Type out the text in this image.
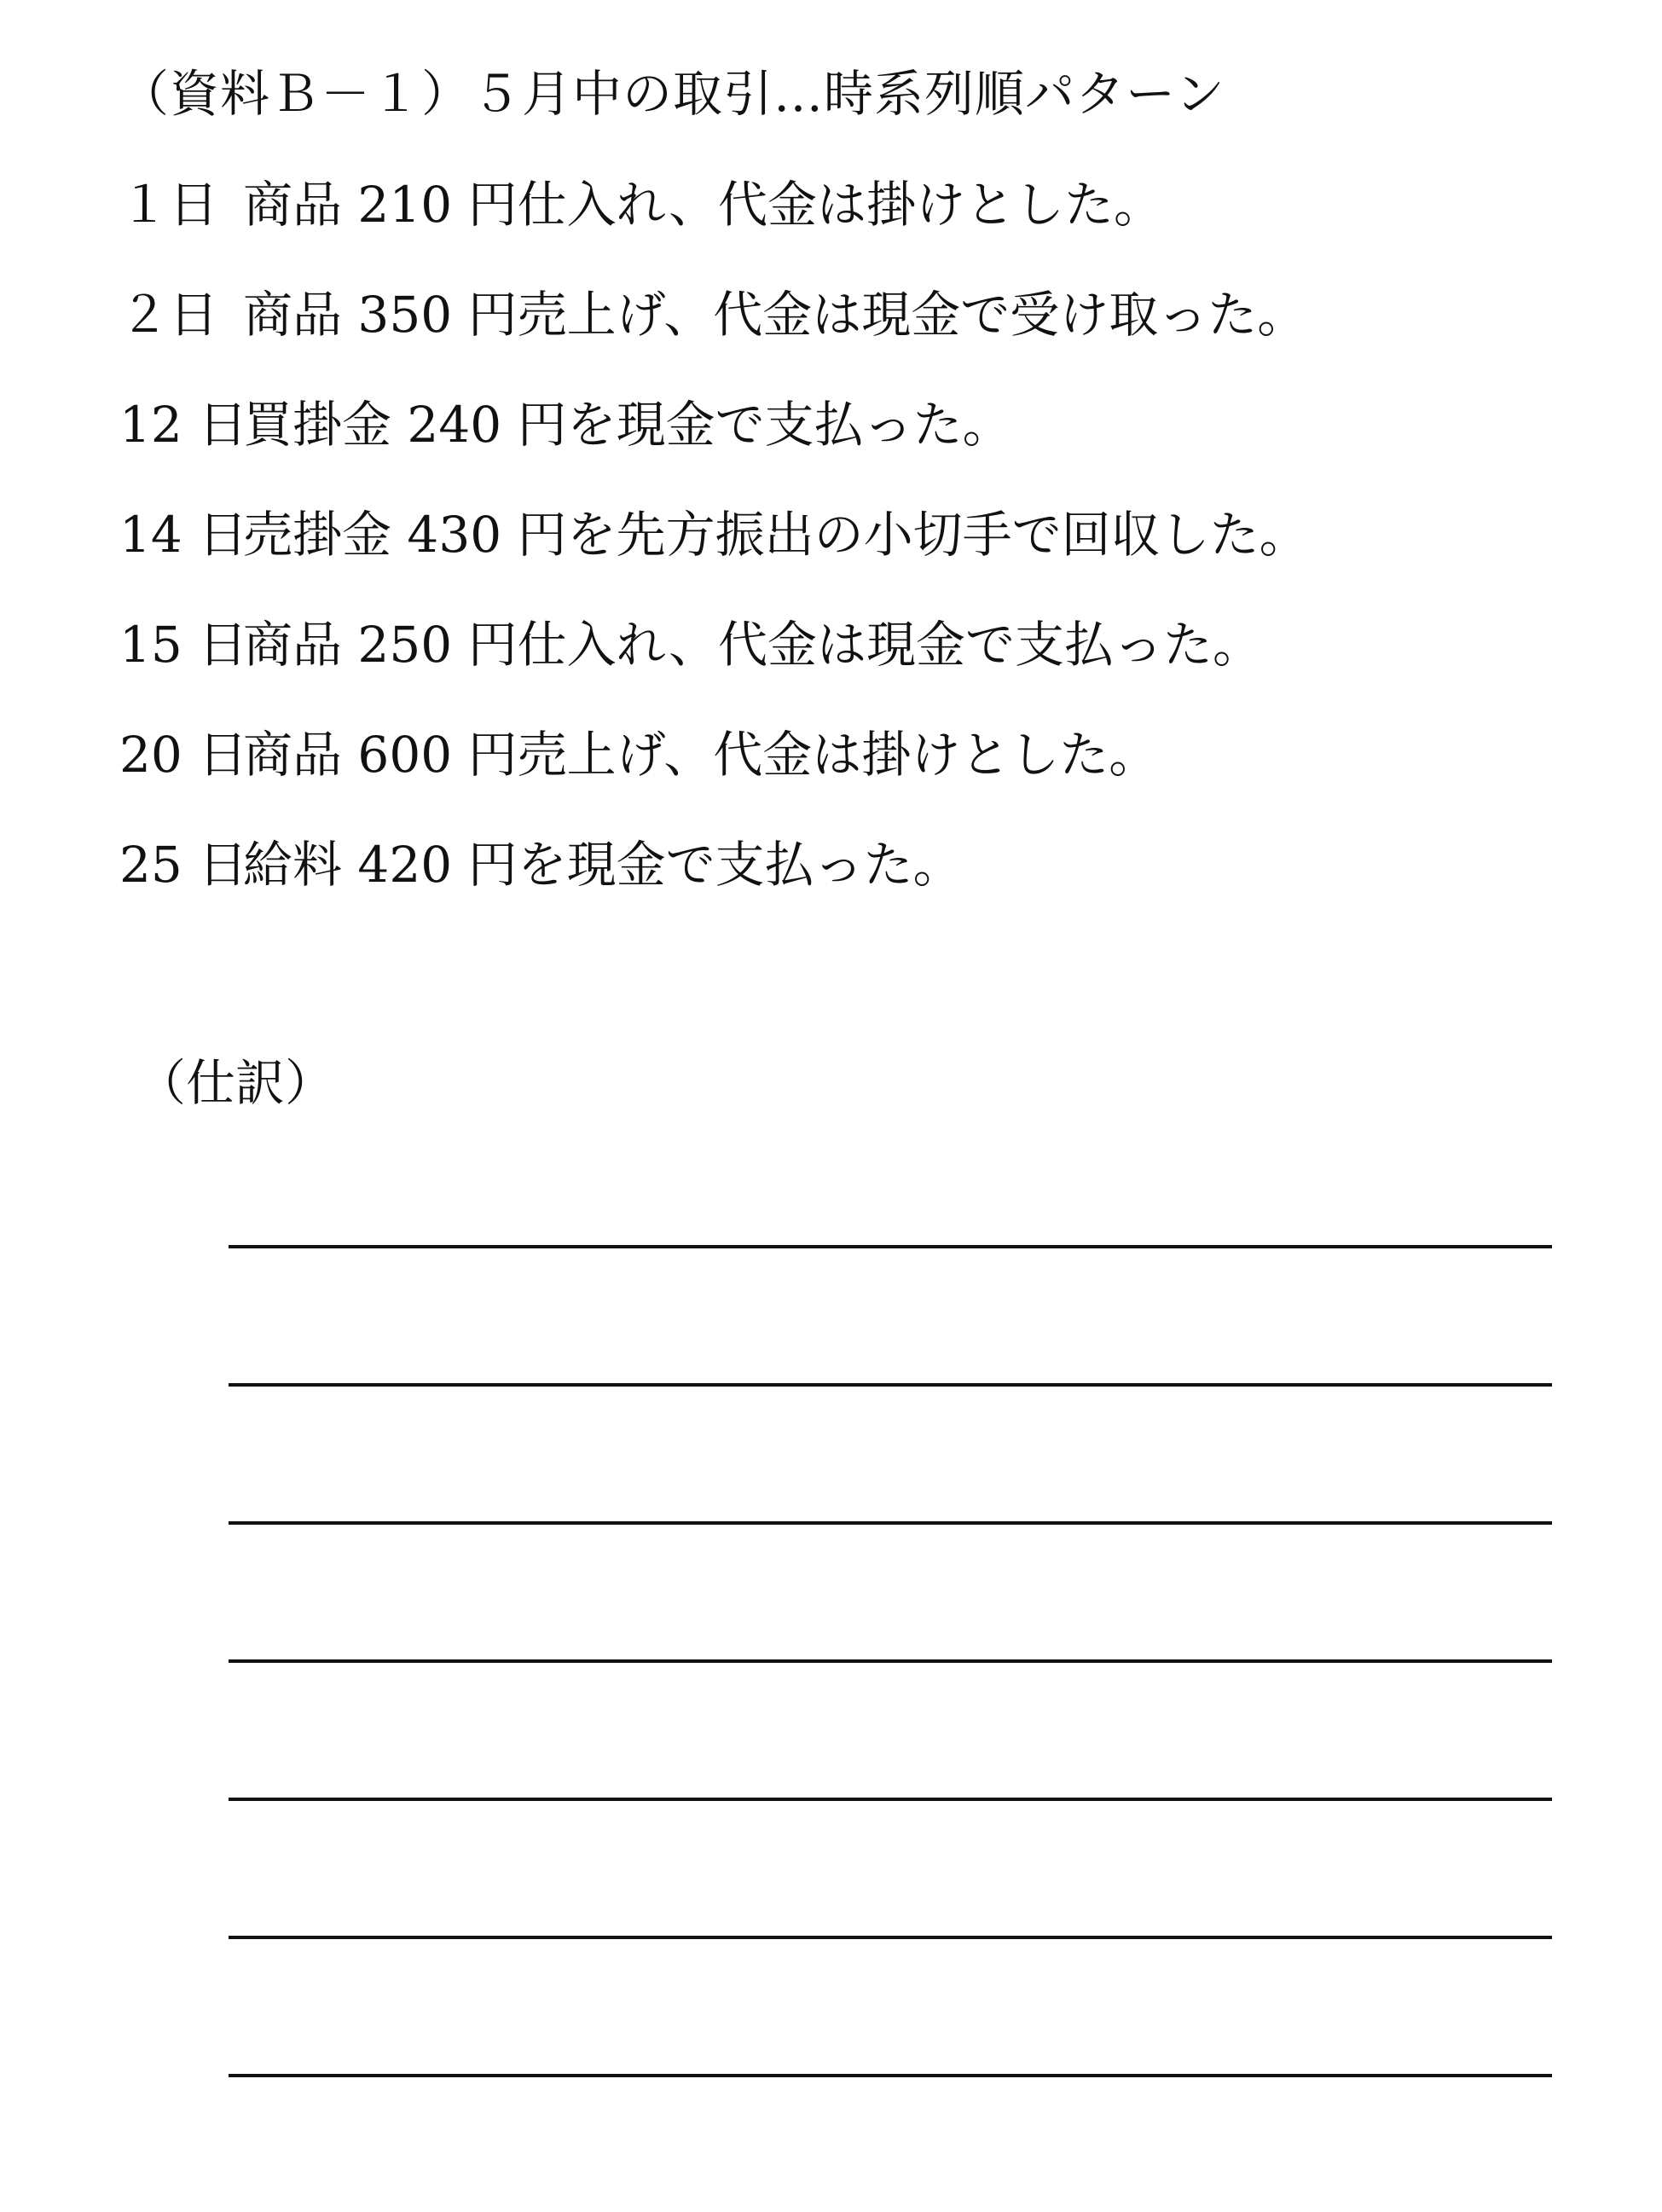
（資料Ｂ－１）５月中の取引…時系列順パターン
１日 商品 210 円仕入れ、代金は掛けとした。
２日 商品 350 円売上げ、代金は現金で受け取った。
12 日
買掛金 240 円を現金で支払った。
14 日
売掛金 430 円を先方振出の小切手で回収した。
15 日
商品 250 円仕入れ、代金は現金で支払った。
20 日
商品 600 円売上げ、代金は掛けとした。
25 日
給料 420 円を現金で支払った。
（仕訳）
